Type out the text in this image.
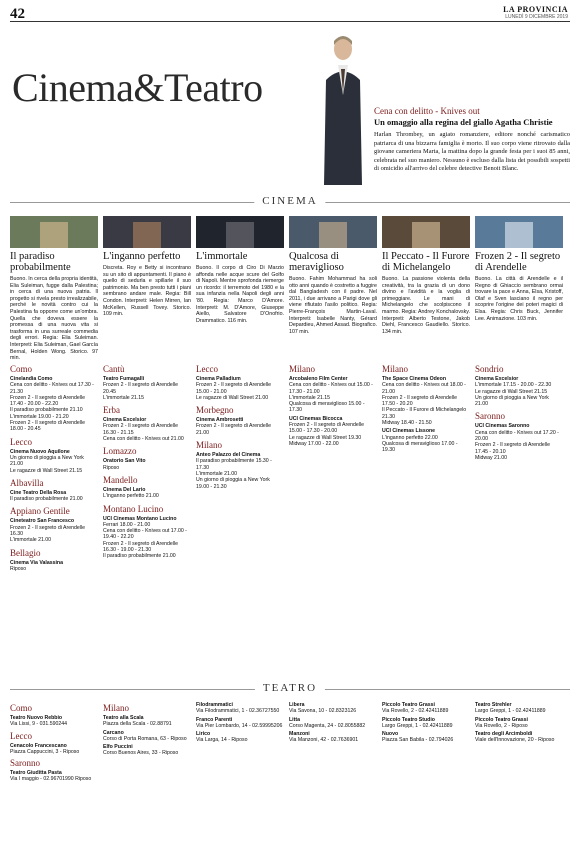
42	LA PROVINCIA
LUNEDÌ 9 DICEMBRE 2019
Cinema&Teatro
Cena con delitto - Knives out
Un omaggio alla regina del giallo Agatha Christie
Harlan Thrombey, un agiato romanziere, editore nonché carismatico patriarca di una bizzarra famiglia è morto. Il suo corpo viene ritrovato dalla giovane cameriera Marta, la mattina dopo la grande festa per i suoi 85 anni, celebrata nel suo maniero. Nessuno è escluso dalla lista dei possibili sospetti di omicidio all'arrivo del celebre detective Benoit Blanc.
CINEMA
Il paradiso probabilmente
Buono. In cerca della propria identità, Elia Suleiman, fugge dalla Palestina; in cerca di una nuova patria. Il progetto si rivela presto irrealizzabile, perché le novità contro cui la Palestina fa opporre come un'ombra. Quella che doveva essere la promessa di una nuova vita si trasforma in una surreale commedia degli errori. Regia: Elia Suleiman. Interpreti: Elia Suleiman, Gael García Bernal, Holden Wong. Storico. 97 min.
L'inganno perfetto
Discreta. Roy e Betty si incontrano su un sito di appuntamenti. Il piano è quello di sedurla e spillarle il suo patrimonio. Ma ben presto tutti i piani sembrano andare male. Regia: Bill Condon. Interpreti: Helen Mirren, Ian McKellen, Russell Tovey. Storico. 109 min.
L'immortale
Buono. Il corpo di Ciro Di Marzio affonda nelle acque scure del Golfo di Napoli. Mentre sprofonda riemerge un ricordo: il terremoto del 1980 e la sua infanzia nella Napoli degli anni '80. Regia: Marco D'Amore. Interpreti: M. D'Amore, Giuseppe Aiello, Salvatore D'Onofrio. Drammatico. 116 min.
Qualcosa di meraviglioso
Buono. Fahim Mohammad ha soli otto anni quando è costretto a fuggire dal Bangladesh con il padre. Nel 2011, i due arrivano a Parigi dove gli viene rifiutato l'asilo politico. Regia: Pierre-François Martin-Laval. Interpreti: Isabelle Nanty, Gérard Depardieu, Ahmed Assad. Biografico. 107 min.
Il Peccato - Il Furore di Michelangelo
Buono. La passione violenta della creatività, tra la grazia di un dono divino e l'avidità e la voglia di primeggiare. Le mani di Michelangelo che scolpiscono il marmo. Regia: Andrey Konchalovsky. Interpreti: Alberto Testone, Jakob Diehl, Francesco Gaudiello. Storico. 134 min.
Frozen 2 - Il segreto di Arendelle
Buono. La città di Arendelle e il Regno di Ghiaccio sembrano ormai trovare la pace e Anna, Elsa, Kristoff, Olaf e Sven lasciano il regno per scoprire l'origine dei poteri magici di Elsa. Regia: Chris Buck, Jennifer Lee. Animazione. 103 min.
Como
Cinelandia Como
Cena con delitto - Knives out 17.30 - 21.30
Frozen 2 - Il segreto di Arendelle 17.40 - 20.00 - 22.20
Il paradiso probabilmente 21.10
L'immortale 19.00 - 21.20
Frozen 2 - Il segreto di Arendelle 18.00 - 20.45
Lecco
Cinema Nuovo Aquilone
Un giorno di pioggia a New York 21.00
Le ragazze di Wall Street 21.15
Albavilla
Cine Teatro Della Rosa
Il paradiso probabilmente 21.00
Appiano Gentile
Cineteatro San Francesco
Frozen 2 - Il segreto di Arendelle 16.30
L'immortale 21.00
Bellagio
Cinema Via Valassina
Riposo
Cantù
Teatro Fumagalli
Frozen 2 - Il segreto di Arendelle 20.45
L'immortale 21.15
Erba
Cinema Excelsior
Frozen 2 - Il segreto di Arendelle 16.30 - 21.15
Cena con delitto - Knives out 21.00
Lomazzo
Oratorio San Vito
Riposo
Mandello
Cinema Del Lario
L'inganno perfetto 21.00
Montano Lucino
UCI Cinemas Montano Lucino
Ferrari 18.00 - 21.00
Cena con delitto - Knives out 17.00 - 19.40 - 22.20
Frozen 2 - Il segreto di Arendelle 16.30 - 19.00 - 21.30
Il paradiso probabilmente 21.00
Lecco
Cinema Palladium
Frozen 2 - Il segreto di Arendelle 15.00 - 21.00
Le ragazze di Wall Street 21.00
Morbegno
Cinema Ambrosetti
Frozen 2 - Il segreto di Arendelle 21.00
Milano
Anteo Palazzo del Cinema
Il paradiso probabilmente 15.30 - 17.30
L'immortale 21.00
Un giorno di pioggia a New York 19.00 - 21.30
Milano
Arcobaleno Film Center
Cena con delitto - Knives out 15.00 - 17.30 - 21.00
L'immortale 21.15
Qualcosa di meraviglioso 15.00 - 17.30
UCI Cinemas Bicocca
Frozen 2 - Il segreto di Arendelle 15.00 - 17.30 - 20.00
Le ragazze di Wall Street 19.30
Midway 17.00 - 22.00
Milano
The Space Cinema Odeon
Cena con delitto - Knives out 18.00 - 21.00
Frozen 2 - Il segreto di Arendelle 17.50 - 20.20
Il Peccato - Il Furore di Michelangelo 21.30
Midway 18.40 - 21.50
UCI Cinemas Lissone
L'inganno perfetto 22.00
Qualcosa di meraviglioso 17.00 - 19.30
Sondrio
Cinema Excelsior
L'immortale 17.15 - 20.00 - 22.30
Le ragazze di Wall Street 21.15
Un giorno di pioggia a New York 21.00
Saronno
UCI Cinemas Saronno
Cena con delitto - Knives out 17.20 - 20.00
Frozen 2 - Il segreto di Arendelle 17.45 - 20.10
Midway 21.00
TEATRO
Como
Teatro Nuovo Rebbio
Via Lissi, 9 - 031.590244
Lecco
Cenacolo Francescano
Piazza Cappuccini, 3 - Riposo
Saronno
Teatro Giuditta Pasta
Via I maggio - 02.96701990 Riposo
Milano
Teatro alla Scala
Piazza della Scala - 02.88791
Carcano
Corso di Porta Romana, 63 - Riposo
Elfo Puccini
Corso Buenos Aires, 33 - Riposo
Filodrammatici
Via Filodrammatici, 1 - 02.36727550
Franco Parenti
Via Pier Lombardo, 14 - 02.59995206
Lirico
Via Larga, 14 - Riposo
Libera
Via Savona, 10 - 02.8323126
Litta
Corso Magenta, 24 - 02.8055882
Manzoni
Via Manzoni, 42 - 02.7636901
Piccolo Teatro Grassi
Via Rovello, 2 - 02.42411889
Piccolo Teatro Studio
Largo Greppi, 1 - 02.42411889
Nuovo
Piazza San Babila - 02.794026
Teatro Strehler
Largo Greppi, 1 - 02.42411889
Piccolo Teatro Grassi
Via Rovello, 2 - Riposo
Teatro degli Arcimboldi
Viale dell'Innovazione, 20 - Riposo
